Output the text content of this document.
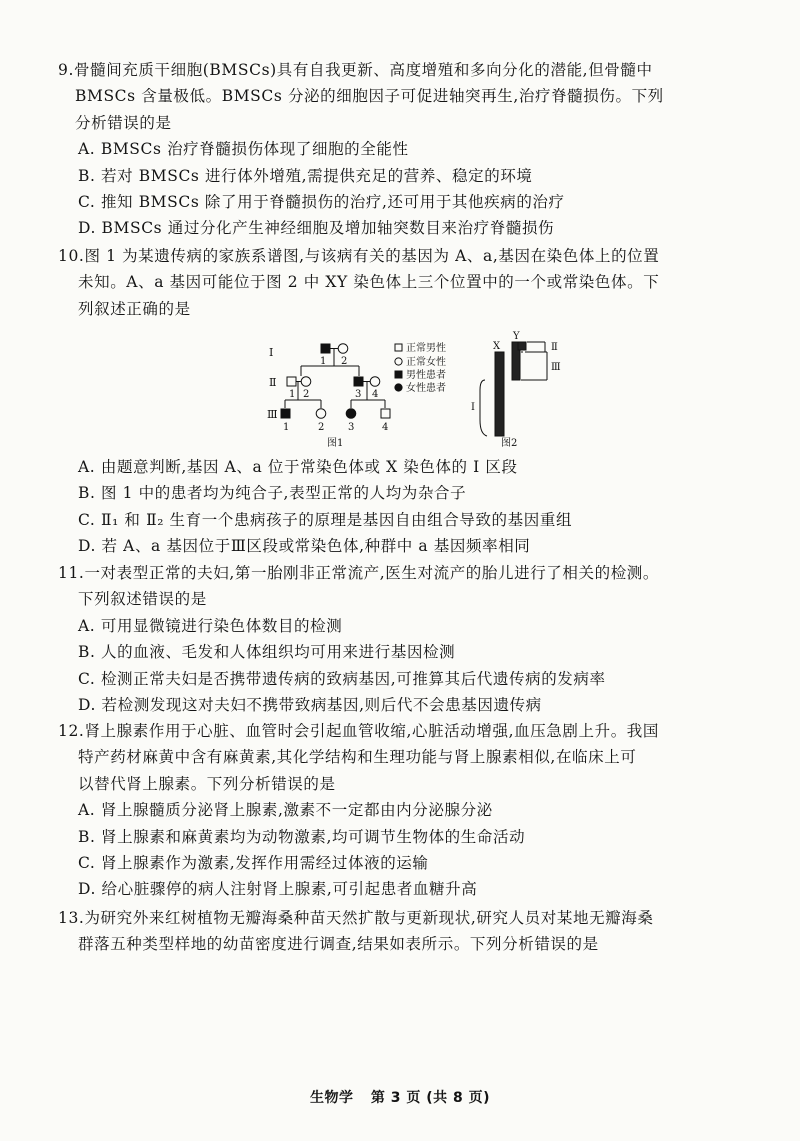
9.骨髓间充质干细胞(BMSCs)具有自我更新、高度增殖和多向分化的潜能,但骨髓中
BMSCs 含量极低。BMSCs 分泌的细胞因子可促进轴突再生,治疗脊髓损伤。下列
分析错误的是
A. BMSCs 治疗脊髓损伤体现了细胞的全能性
B. 若对 BMSCs 进行体外增殖,需提供充足的营养、稳定的环境
C. 推知 BMSCs 除了用于脊髓损伤的治疗,还可用于其他疾病的治疗
D. BMSCs 通过分化产生神经细胞及增加轴突数目来治疗脊髓损伤
10.图 1 为某遗传病的家族系谱图,与该病有关的基因为 A、a,基因在染色体上的位置
未知。A、a 基因可能位于图 2 中 XY 染色体上三个位置中的一个或常染色体。下
列叙述正确的是
Ⅰ
Ⅱ
Ⅲ
1 2
1 2	3 4
1	2 3	4
图1
正常男性
正常女性
男性患者
女性患者
X
Y
Ⅱ
Ⅲ
Ⅰ
图2
A. 由题意判断,基因 A、a 位于常染色体或 X 染色体的 Ⅰ 区段
B. 图 1 中的患者均为纯合子,表型正常的人均为杂合子
C. Ⅱ₁ 和 Ⅱ₂ 生育一个患病孩子的原理是基因自由组合导致的基因重组
D. 若 A、a 基因位于Ⅲ区段或常染色体,种群中 a 基因频率相同
11.一对表型正常的夫妇,第一胎刚非正常流产,医生对流产的胎儿进行了相关的检测。
下列叙述错误的是
A. 可用显微镜进行染色体数目的检测
B. 人的血液、毛发和人体组织均可用来进行基因检测
C. 检测正常夫妇是否携带遗传病的致病基因,可推算其后代遗传病的发病率
D. 若检测发现这对夫妇不携带致病基因,则后代不会患基因遗传病
12.肾上腺素作用于心脏、血管时会引起血管收缩,心脏活动增强,血压急剧上升。我国
特产药材麻黄中含有麻黄素,其化学结构和生理功能与肾上腺素相似,在临床上可
以替代肾上腺素。下列分析错误的是
A. 肾上腺髓质分泌肾上腺素,激素不一定都由内分泌腺分泌
B. 肾上腺素和麻黄素均为动物激素,均可调节生物体的生命活动
C. 肾上腺素作为激素,发挥作用需经过体液的运输
D. 给心脏骤停的病人注射肾上腺素,可引起患者血糖升高
13.为研究外来红树植物无瓣海桑种苗天然扩散与更新现状,研究人员对某地无瓣海桑
群落五种类型样地的幼苗密度进行调查,结果如表所示。下列分析错误的是
生物学 第 3 页 (共 8 页)
